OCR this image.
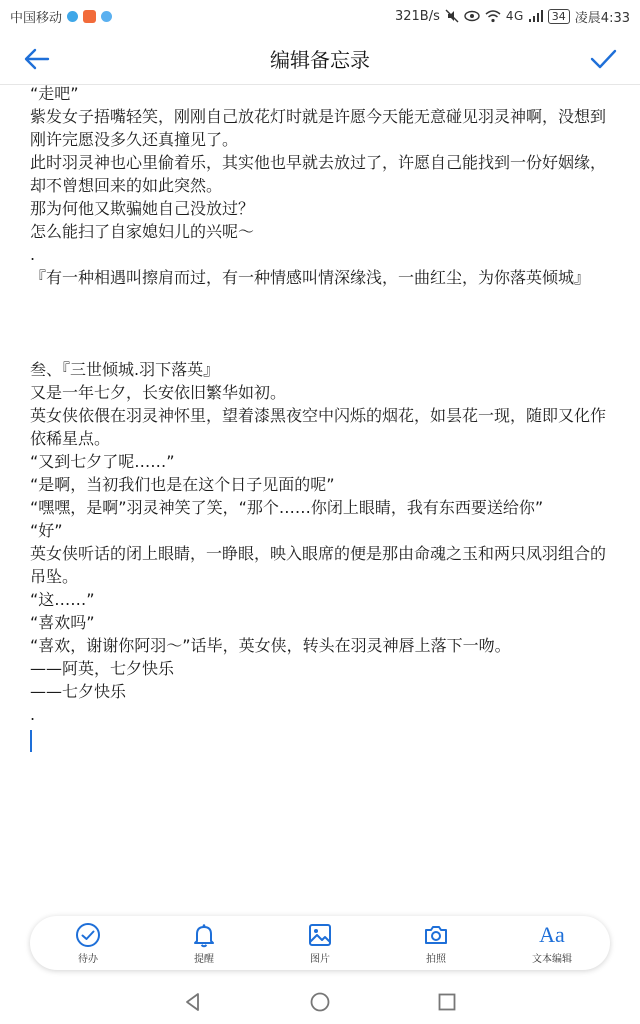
中国移动	321B/s	4G	34 凌晨4:33
编辑备忘录
“走吧”
紫发女子捂嘴轻笑，刚刚自己放花灯时就是许愿今天能无意碰见羽灵神啊，没想到刚许完愿没多久还真撞见了。
此时羽灵神也心里偷着乐，其实他也早就去放过了，许愿自己能找到一份好姻缘，却不曾想回来的如此突然。
那为何他又欺骗她自己没放过？
怎么能扫了自家媳妇儿的兴呢～
.
『有一种相遇叫擦肩而过，有一种情感叫情深缘浅，一曲红尘，为你落英倾城』
叁、『三世倾城.羽下落英』
又是一年七夕，长安依旧繁华如初。
英女侠依偎在羽灵神怀里，望着漆黑夜空中闪烁的烟花，如昙花一现，随即又化作依稀星点。
“又到七夕了呢……”
“是啊，当初我们也是在这个日子见面的呢”
“嘿嘿，是啊”羽灵神笑了笑，“那个……你闭上眼睛，我有东西要送给你”
“好”
英女侠听话的闭上眼睛，一睁眼，映入眼席的便是那由命魂之玉和两只凤羽组合的吊坠。
“这……”
“喜欢吗”
“喜欢，谢谢你阿羽～”话毕，英女侠，转头在羽灵神唇上落下一吻。
——阿英，七夕快乐
——七夕快乐
.
待办	提醒	图片	拍照
Aa
文本编辑
